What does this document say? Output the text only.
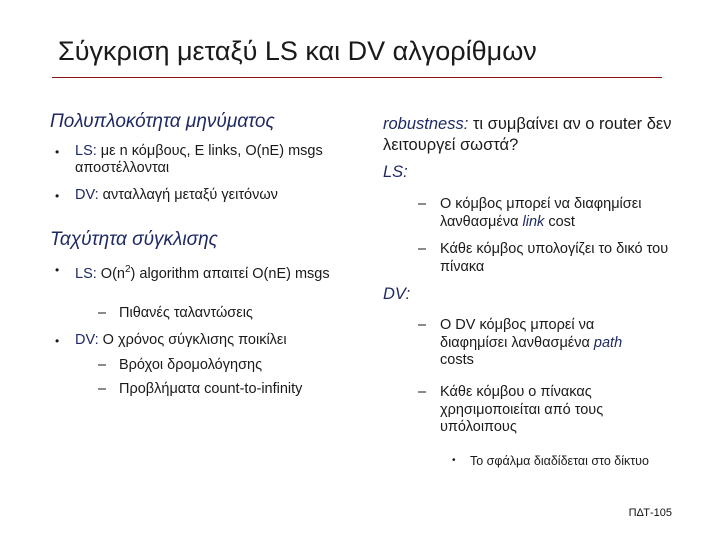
Σύγκριση μεταξύ LS και DV αλγορίθμων
Πολυπλοκότητα μηνύματος
• LS: με n κόμβους, E links, O(nE) msgs αποστέλλονται
• DV: ανταλλαγή μεταξύ γειτόνων
Ταχύτητα σύγκλισης
• LS: $O(n^2)$ algorithm απαιτεί O(nE) msgs
– Πιθανές ταλαντώσεις
• DV: Ο χρόνος σύγκλισης ποικίλει
– Βρόχοι δρομολόγησης
– Προβλήματα count-to-infinity
robustness: τι συμβαίνει αν ο router δεν λειτουργεί σωστά?
LS:
– Ο κόμβος μπορεί να διαφημίσει λανθασμένα link cost
– Κάθε κόμβος υπολογίζει το δικό του πίνακα
DV:
– Ο DV κόμβος μπορεί να διαφημίσει λανθασμένα path costs
– Κάθε κόμβου ο πίνακας χρησιμοποιείται από τους υπόλοιπους
• Το σφάλμα διαδίδεται στο δίκτυο
ΠΔΤ-105
